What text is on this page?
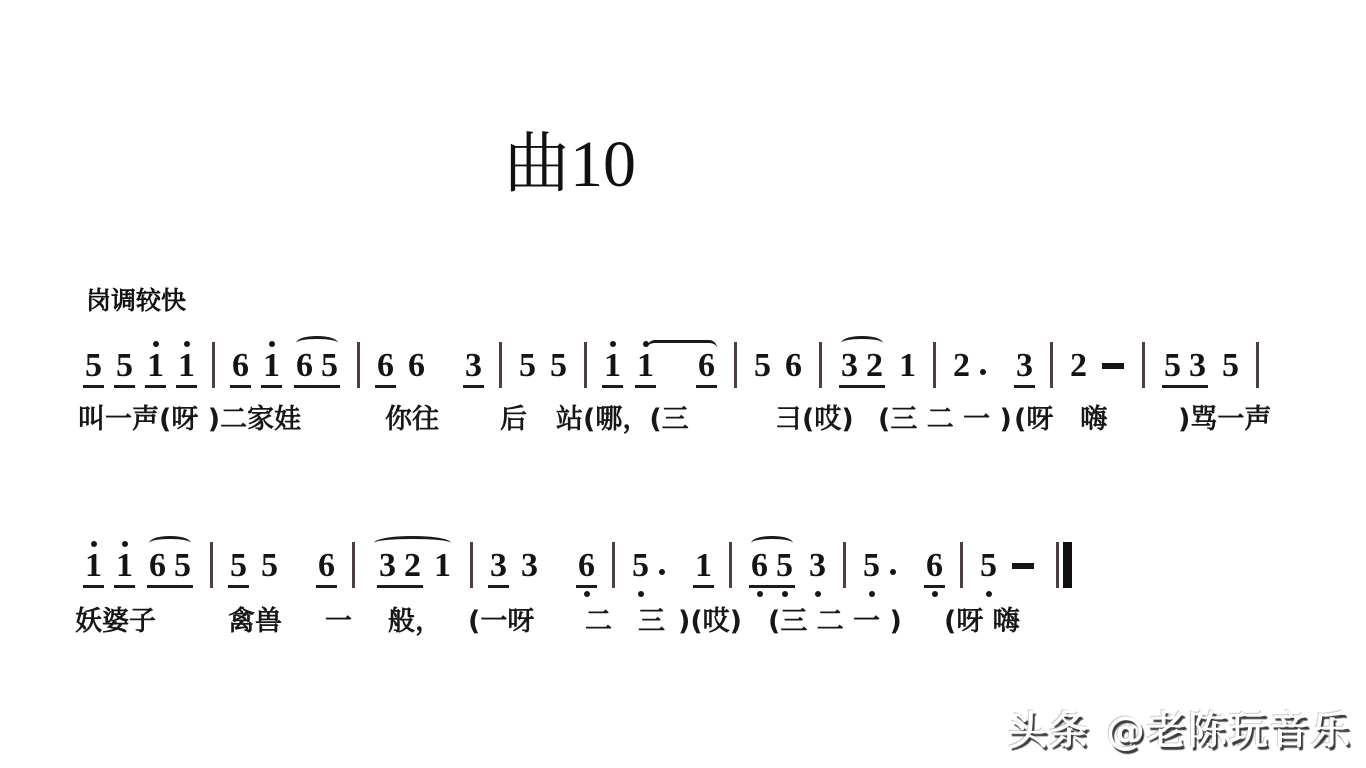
曲10
岗调较快
5 5 1 1 6 1 6 5 6 6 3 5 5 1 1 6 5 6 3 2 1 2 3 2 5 3 5
叫一声(呀 )二家娃	你往 后 站(哪，(三	彐(哎) (三 二 一 ) (呀　嗨	)骂一声
1 1 6 5 5 5 6 3 2 1 3 3 6 5 1 6 5 3 5 6 5
妖婆子	禽兽 一 般， (一呀 二 三 )(哎) (三 二 一 ) (呀 嗨
头条 @老陈玩音乐
